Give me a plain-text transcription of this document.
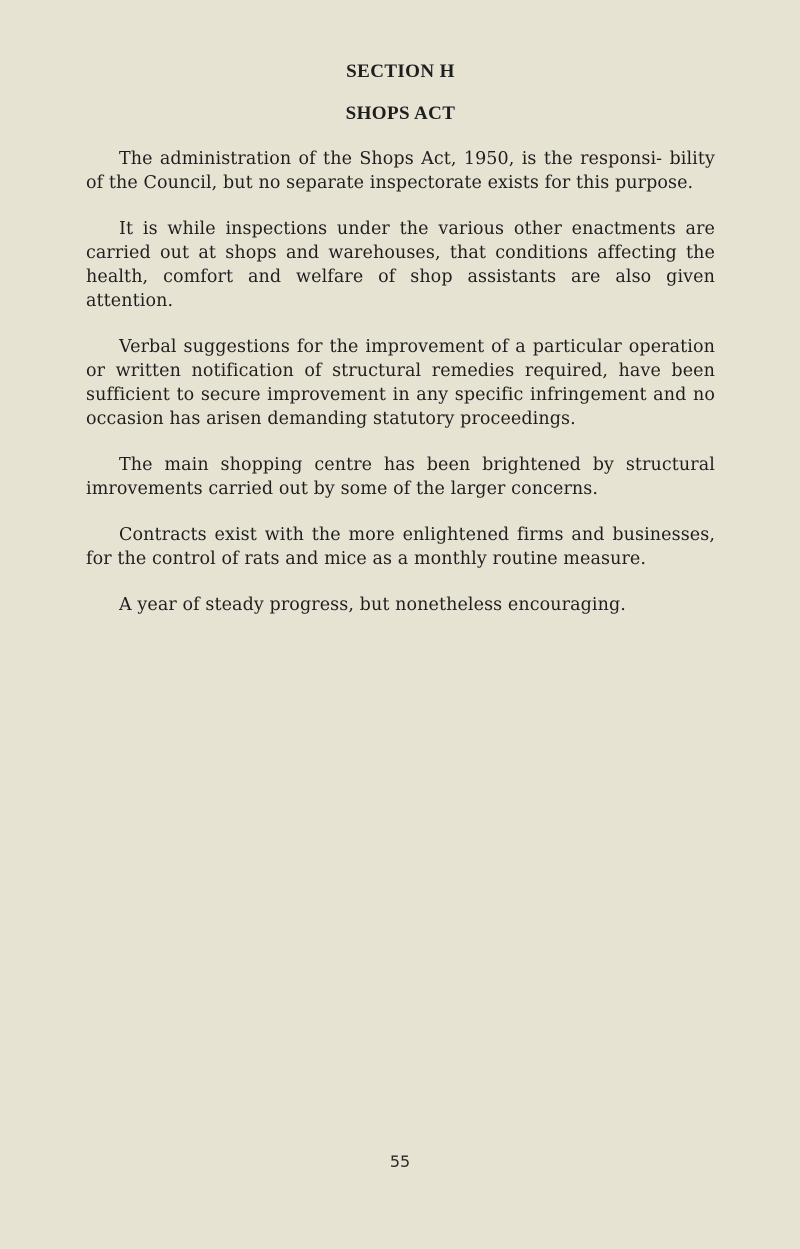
SECTION H
SHOPS ACT

The administration of the Shops Act, 1950, is the responsi- bility of the Council, but no separate inspectorate exists for this purpose.

It is while inspections under the various other enactments are carried out at shops and warehouses, that conditions affecting the health, comfort and welfare of shop assistants are also given attention.

Verbal suggestions for the improvement of a particular operation or written notification of structural remedies required, have been sufficient to secure improvement in any specific infringement and no occasion has arisen demanding statutory proceedings.

The main shopping centre has been brightened by structural imrovements carried out by some of the larger concerns.

Contracts exist with the more enlightened firms and businesses, for the control of rats and mice as a monthly routine measure.

A year of steady progress, but nonetheless encouraging.

55
